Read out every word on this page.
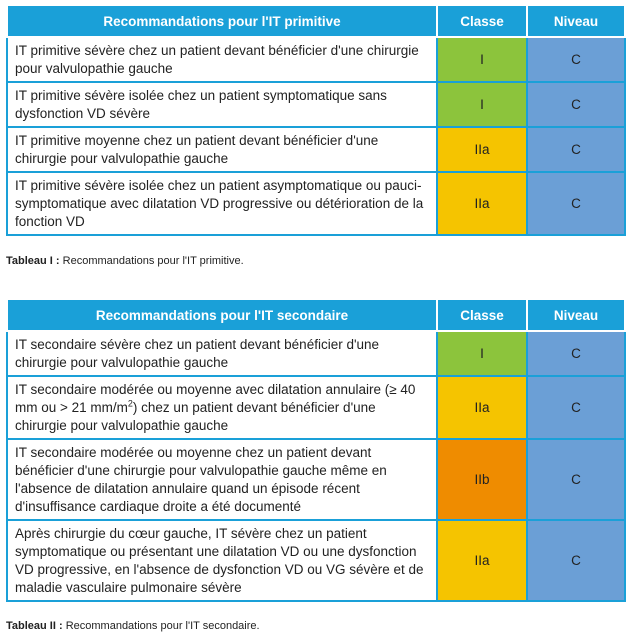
Recommandations pour l'IT primitive	Classe	Niveau
IT primitive sévère chez un patient devant bénéficier d'une chirurgie pour valvulopathie gauche	I	C
IT primitive sévère isolée chez un patient symptomatique sans dysfonction VD sévère	I	C
IT primitive moyenne chez un patient devant bénéficier d'une chirurgie pour valvulopathie gauche	IIa	C
IT primitive sévère isolée chez un patient asymptomatique ou pauci-symptomatique avec dilatation VD progressive ou détérioration de la fonction VD	IIa	C
Tableau I : Recommandations pour l'IT primitive.
Recommandations pour l'IT secondaire	Classe	Niveau
IT secondaire sévère chez un patient devant bénéficier d'une chirurgie pour valvulopathie gauche	I	C
IT secondaire modérée ou moyenne avec dilatation annulaire (≥ 40 mm ou > 21 $mm/m^2$) chez un patient devant bénéficier d'une chirurgie pour valvulopathie gauche	IIa	C
IT secondaire modérée ou moyenne chez un patient devant bénéficier d'une chirurgie pour valvulopathie gauche même en l'absence de dilatation annulaire quand un épisode récent d'insuffisance cardiaque droite a été documenté	IIb	C
Après chirurgie du cœur gauche, IT sévère chez un patient symptomatique ou présentant une dilatation VD ou une dysfonction VD progressive, en l'absence de dysfonction VD ou VG sévère et de maladie vasculaire pulmonaire sévère	IIa	C
Tableau II : Recommandations pour l'IT secondaire.
